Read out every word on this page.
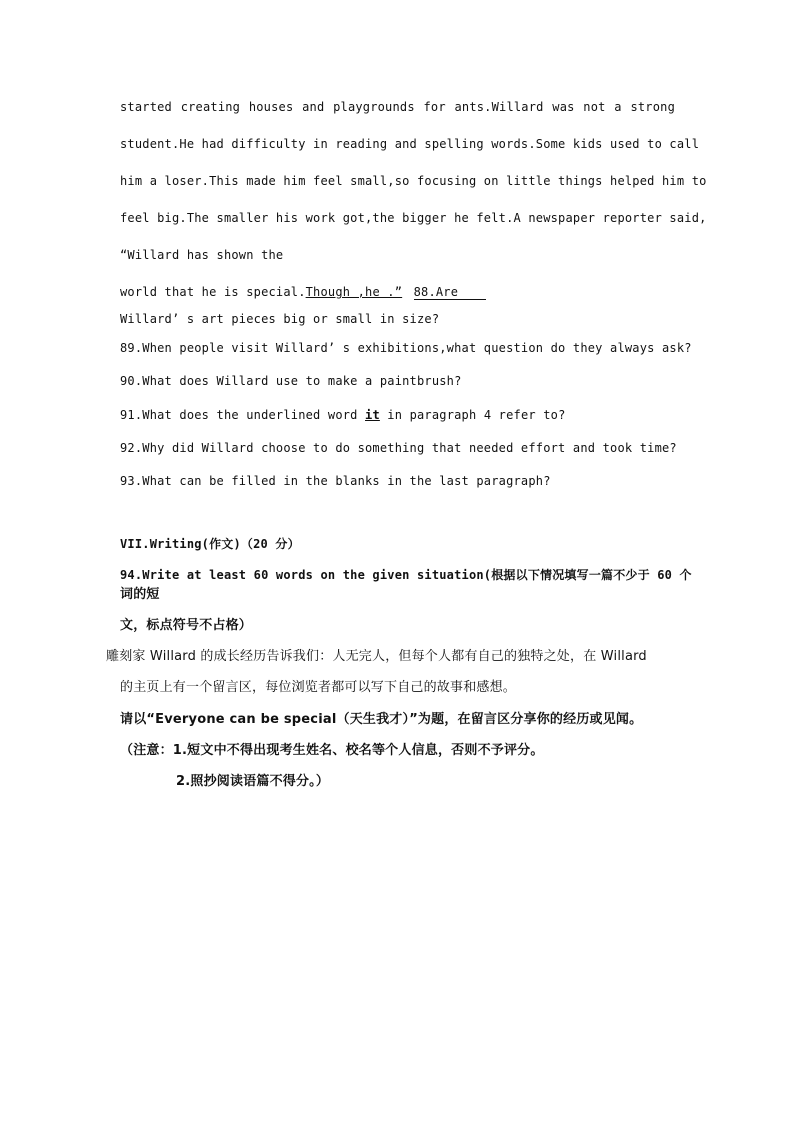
started creating houses and playgrounds for ants.Willard was not a strong
student.He had difficulty in reading and spelling words.Some kids used to call
him a loser.This made him feel small,so focusing on little things helped him to
feel big.The smaller his work got,the bigger he felt.A newspaper reporter said,
“Willard has shown the
world that he is special.Though ,he .” 88.Are
Willard’ s art pieces big or small in size?
89.When people visit Willard’ s exhibitions,what question do they always ask?
90.What does Willard use to make a paintbrush?
91.What does the underlined word it in paragraph 4 refer to?
92.Why did Willard choose to do something that needed effort and took time?
93.What can be filled in the blanks in the last paragraph?
VII.Writing(作文)（20 分）
94.Write at least 60 words on the given situation(根据以下情况填写一篇不少于 60 个
词的短
文，标点符号不占格）
雕刻家 Willard 的成长经历告诉我们：人无完人，但每个人都有自己的独特之处，在 Willard
的主页上有一个留言区，每位浏览者都可以写下自己的故事和感想。
请以“Everyone can be special（天生我才）”为题，在留言区分享你的经历或见闻。
（注意：1.短文中不得出现考生姓名、校名等个人信息，否则不予评分。
2.照抄阅读语篇不得分。）
